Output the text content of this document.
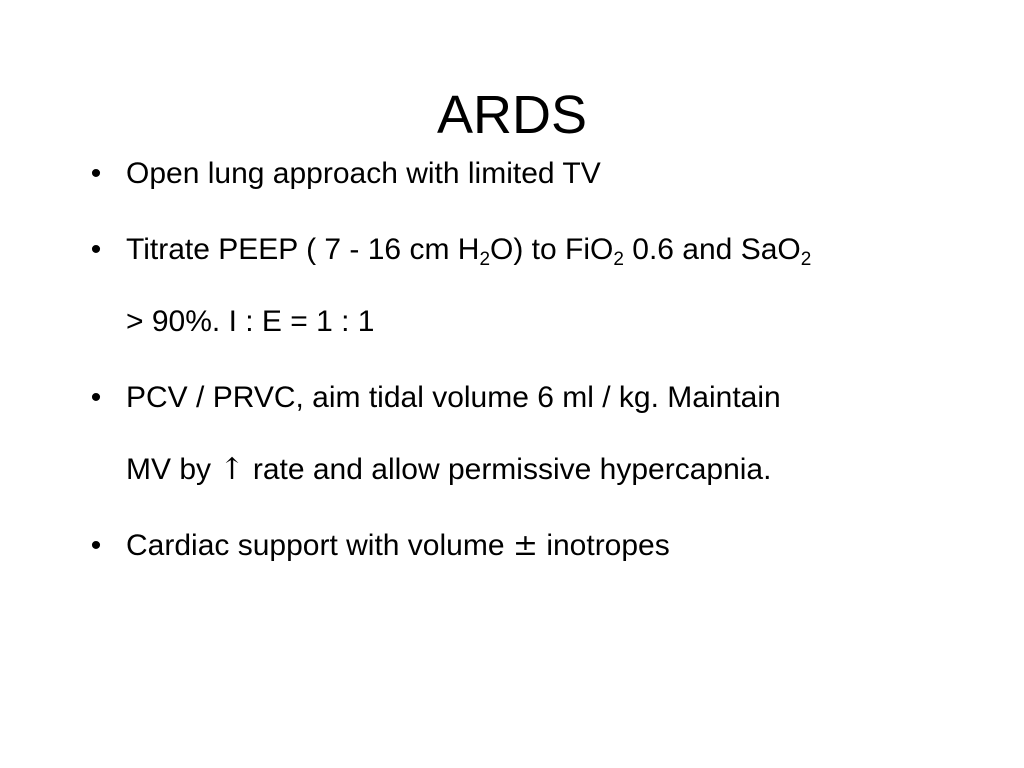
ARDS
• Open lung approach with limited TV
• Titrate PEEP ( 7 - 16 cm $H_2O$) to FiO$_2$ 0.6 and SaO$_2$
> 90%. I : E = 1 : 1
• PCV / PRVC, aim tidal volume 6 ml / kg. Maintain
MV by ↑ rate and allow permissive hypercapnia.
• Cardiac support with volume ± inotropes
